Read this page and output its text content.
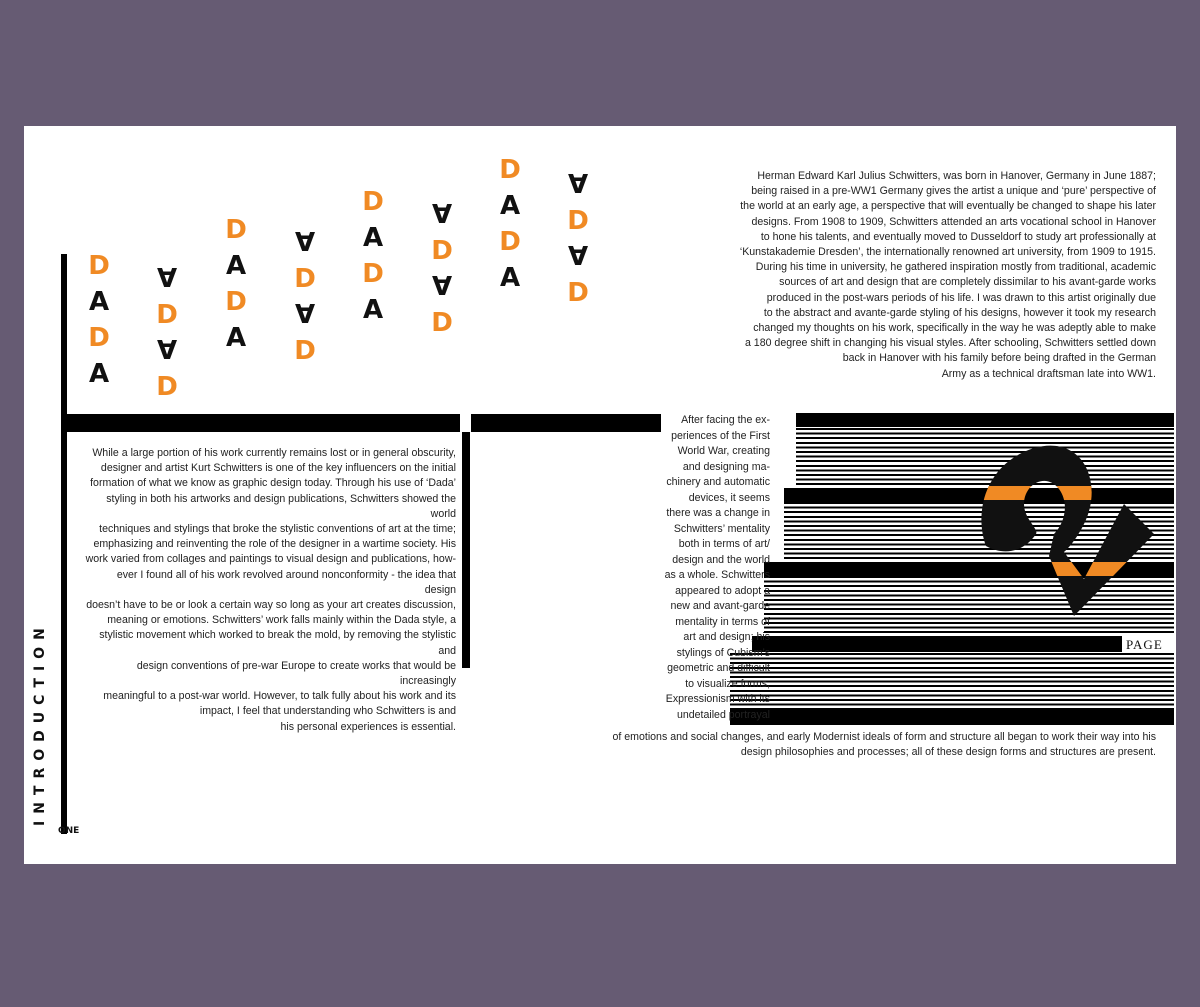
D
A
D
A
A
D
A
D
D
A
D
A
A
D
A
D
D
A
D
A
A
D
A
D
D
A
D
A
A
D
A
D
INTRODUCTION
ONE
While a large portion of his work currently remains lost or in general obscurity,
designer and artist Kurt Schwitters is one of the key influencers on the initial
formation of what we know as graphic design today. Through his use of ‘Dada’
styling in both his artworks and design publications, Schwitters showed the world
techniques and stylings that broke the stylistic conventions of art at the time;
emphasizing and reinventing the role of the designer in a wartime society. His
work varied from collages and paintings to visual design and publications, how-
ever I found all of his work revolved around nonconformity - the idea that design
doesn’t have to be or look a certain way so long as your art creates discussion,
meaning or emotions. Schwitters’ work falls mainly within the Dada style, a
stylistic movement which worked to break the mold, by removing the stylistic and
design conventions of pre-war Europe to create works that would be increasingly
meaningful to a post-war world. However, to talk fully about his work and its
impact, I feel that understanding who Schwitters is and
his personal experiences is essential.
Herman Edward Karl Julius Schwitters, was born in Hanover, Germany in June 1887;
being raised in a pre-WW1 Germany gives the artist a unique and ‘pure’ perspective of
the world at an early age, a perspective that will eventually be changed to shape his later
designs. From 1908 to 1909, Schwitters attended an arts vocational school in Hanover
to hone his talents, and eventually moved to Dusseldorf to study art professionally at
‘Kunstakademie Dresden’, the internationally renowned art university, from 1909 to 1915.
During his time in university, he gathered inspiration mostly from traditional, academic
sources of art and design that are completely dissimilar to his avant-garde works
produced in the post-wars periods of his life. I was drawn to this artist originally due
to the abstract and avante-garde styling of his designs, however it took my research
changed my thoughts on his work, specifically in the way he was adeptly able to make
a 180 degree shift in changing his visual styles. After schooling, Schwitters settled down
back in Hanover with his family before being drafted in the German
Army as a technical draftsman late into WW1.
PAGE
2
After facing the ex-
periences of the First
World War, creating
and designing ma-
chinery and automatic
devices, it seems
there was a change in
Schwitters’ mentality
both in terms of art/
design and the world
as a whole. Schwitters
appeared to adopt a
new and avant-garde
mentality in terms of
art and design; his
stylings of Cubism’s
geometric and difficult
to visualize forms,
Expressionism with its
undetailed portrayal
of emotions and social changes, and early Modernist ideals of form and structure all began to work their way into his
design philosophies and processes; all of these design forms and structures are present.
